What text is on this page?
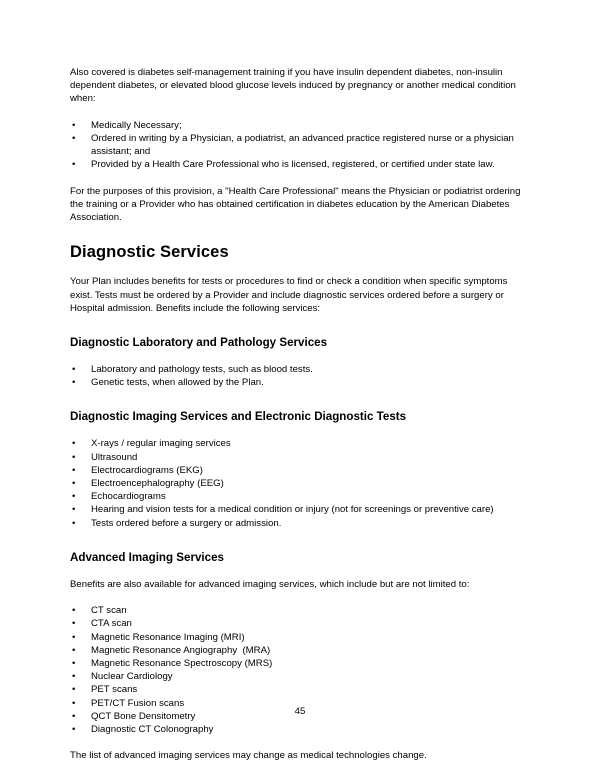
Also covered is diabetes self-management training if you have insulin dependent diabetes, non-insulin dependent diabetes, or elevated blood glucose levels induced by pregnancy or another medical condition when:

• Medically Necessary;
• Ordered in writing by a Physician, a podiatrist, an advanced practice registered nurse or a physician assistant; and
• Provided by a Health Care Professional who is licensed, registered, or certified under state law.

For the purposes of this provision, a "Health Care Professional" means the Physician or podiatrist ordering the training or a Provider who has obtained certification in diabetes education by the American Diabetes Association.

Diagnostic Services

Your Plan includes benefits for tests or procedures to find or check a condition when specific symptoms exist. Tests must be ordered by a Provider and include diagnostic services ordered before a surgery or Hospital admission. Benefits include the following services:

Diagnostic Laboratory and Pathology Services
• Laboratory and pathology tests, such as blood tests.
• Genetic tests, when allowed by the Plan.
Diagnostic Imaging Services and Electronic Diagnostic Tests
• X-rays / regular imaging services
• Ultrasound
• Electrocardiograms (EKG)
• Electroencephalography (EEG)
• Echocardiograms
• Hearing and vision tests for a medical condition or injury (not for screenings or preventive care)
• Tests ordered before a surgery or admission.
Advanced Imaging Services

Benefits are also available for advanced imaging services, which include but are not limited to:

• CT scan
• CTA scan
• Magnetic Resonance Imaging (MRI)
• Magnetic Resonance Angiography  (MRA)
• Magnetic Resonance Spectroscopy (MRS)
• Nuclear Cardiology
• PET scans
• PET/CT Fusion scans
• QCT Bone Densitometry
• Diagnostic CT Colonography

The list of advanced imaging services may change as medical technologies change.

45
